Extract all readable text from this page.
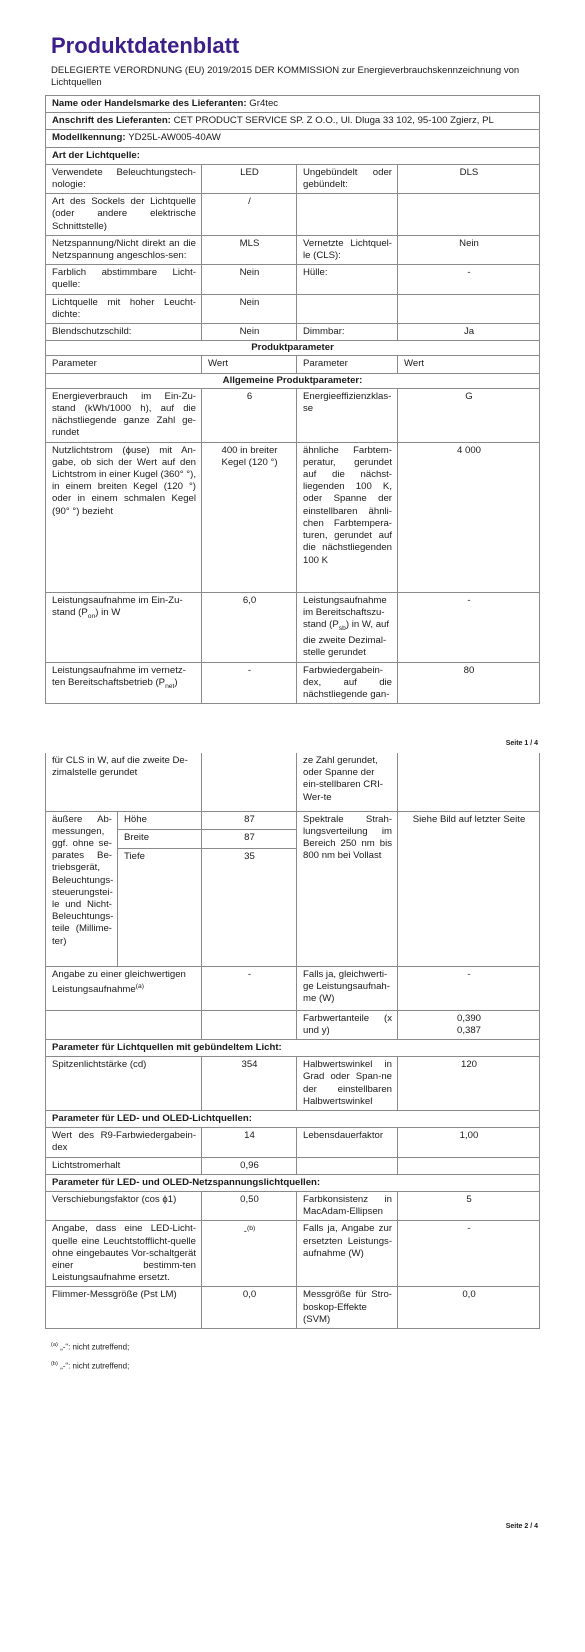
Produktdatenblatt
DELEGIERTE VERORDNUNG (EU) 2019/2015 DER KOMMISSION zur Energieverbrauchskennzeichnung von Lichtquellen
Name oder Handelsmarke des Lieferanten: Gr4tec			
Anschrift des Lieferanten: CET PRODUCT SERVICE SP. Z O.O., Ul. Dluga 33 102, 95-100 Zgierz, PL			
Modellkennung: YD25L-AW005-40AW			
Art der Lichtquelle:			
Verwendete Beleuchtungstech-nologie:	LED	Ungebündelt oder gebündelt:	DLS
Art des Sockels der Lichtquelle (oder andere elektrische Schnittstelle)	/		
Netzspannung/Nicht direkt an die Netzspannung angeschlos-sen:	MLS	Vernetzte Lichtquel-le (CLS):	Nein
Farblich abstimmbare Licht-quelle:	Nein	Hülle:	-
Lichtquelle mit hoher Leucht-dichte:	Nein		
Blendschutzschild:	Nein	Dimmbar:	Ja
Produktparameter			
Parameter	Wert	Parameter	Wert
Allgemeine Produktparameter:			
Energieverbrauch im Ein-Zu-stand (kWh/1000 h), auf die nächstliegende ganze Zahl ge-rundet	6	Energieeffizienzklas-se	G
Nutzlichtstrom (ϕuse) mit An-gabe, ob sich der Wert auf den Lichtstrom in einer Kugel (360° °), in einem breiten Kegel (120 °) oder in einem schmalen Kegel (90° °) bezieht	400 in breiter Kegel (120 °)	ähnliche Farbtem-peratur, gerundet auf die nächst-liegenden 100 K, oder Spanne der einstellbaren ähnli-chen Farbtempera-turen, gerundet auf die nächstliegenden 100 K	4 000
Leistungsaufnahme im Ein-Zu-stand $(P_{on})$ in W	6,0	Leistungsaufnahme im Bereitschaftszu-stand $(P_{sb})$ in W, auf die zweite Dezimal-stelle gerundet	-
Leistungsaufnahme im vernetz-ten Bereitschaftsbetrieb $(P_{net})$	-	Farbwiedergabein-dex, auf die nächstliegende gan-	80
Seite 1 / 4
für CLS in W, auf die zweite De-zimalstelle gerundet			ze Zahl gerundet, oder Spanne der ein-stellbaren CRI-Wer-te	
äußere Ab-messungen, ggf. ohne se-parates Be-triebsgerät, Beleuchtungs-steuerungstei-le und Nicht-Beleuchtungs-teile (Millime-ter)	Höhe	87	Spektrale Strah-lungsverteilung im Bereich 250 nm bis 800 nm bei Vollast	Siehe Bild auf letzter Seite
	Breite	87		
	Tiefe	35		
Angabe zu einer gleichwertigen Leistungsaufnahme$^{(a)}$		-	Falls ja, gleichwerti-ge Leistungsaufnah-me (W)	-
			Farbwertanteile (x und y)	0,390
0,387
Parameter für Lichtquellen mit gebündeltem Licht:				
Spitzenlichtstärke (cd)		354	Halbwertswinkel in Grad oder Span-ne der einstellbaren Halbwertswinkel	120
Parameter für LED- und OLED-Lichtquellen:				
Wert des R9-Farbwiedergabein-dex		14	Lebensdauerfaktor	1,00
Lichtstromerhalt		0,96		
Parameter für LED- und OLED-Netzspannungslichtquellen:				
Verschiebungsfaktor (cos ϕ1)		0,50	Farbkonsistenz in MacAdam-Ellipsen	5
Angabe, dass eine LED-Licht-quelle eine Leuchtstofflicht-quelle ohne eingebautes Vor-schaltgerät einer bestimm-ten Leistungsaufnahme ersetzt.		-$^{(b)}$	Falls ja, Angabe zur ersetzten Leistungs-aufnahme (W)	-
Flimmer-Messgröße (Pst LM)		0,0	Messgröße für Stro-boskop-Effekte (SVM)	0,0
$^{(a)}$ „-“: nicht zutreffend;
$^{(b)}$ „-“: nicht zutreffend;
Seite 2 / 4
